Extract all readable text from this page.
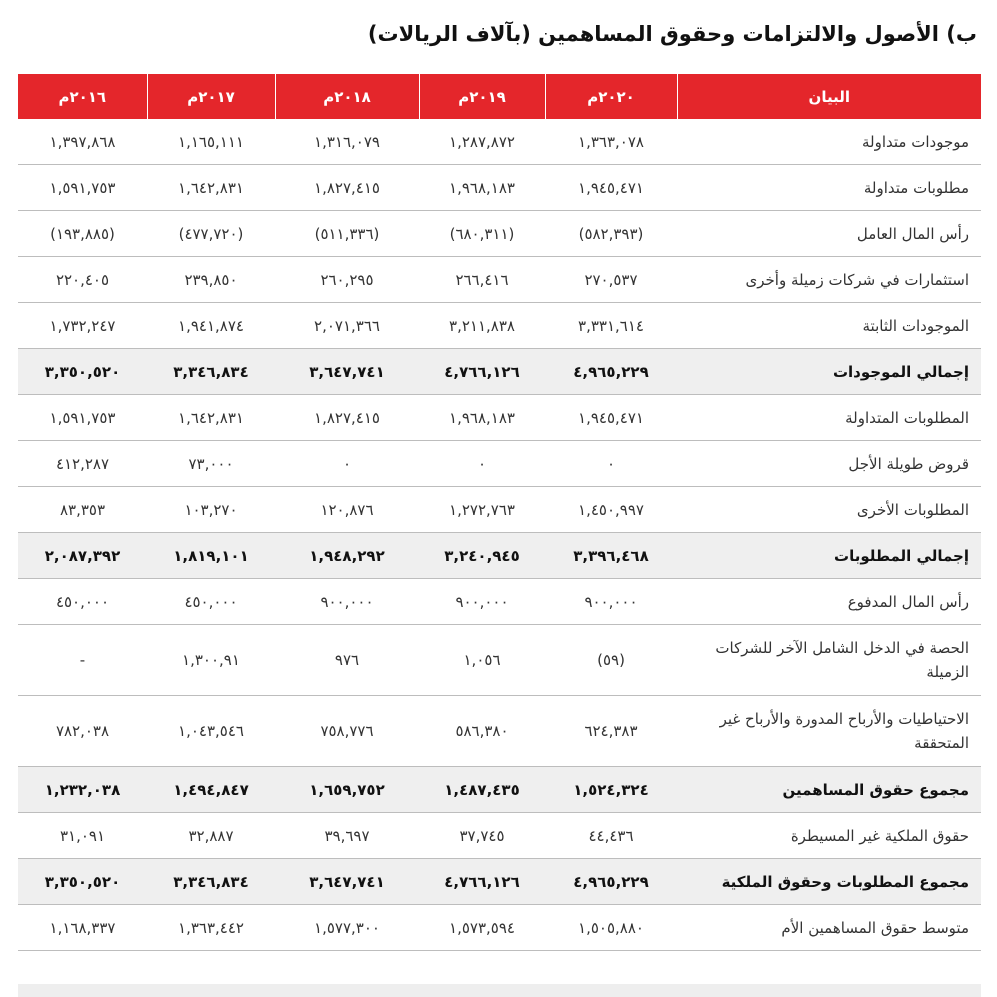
ب) الأصول والالتزامات وحقوق المساهمين (بآلاف الريالات)
البيان	٢٠٢٠م	٢٠١٩م	٢٠١٨م	٢٠١٧م	٢٠١٦م
موجودات متداولة	١,٣٦٣,٠٧٨	١,٢٨٧,٨٧٢	١,٣١٦,٠٧٩	١,١٦٥,١١١	١,٣٩٧,٨٦٨
مطلوبات متداولة	١,٩٤٥,٤٧١	١,٩٦٨,١٨٣	١,٨٢٧,٤١٥	١,٦٤٢,٨٣١	١,٥٩١,٧٥٣
رأس المال العامل	(٥٨٢,٣٩٣)	(٦٨٠,٣١١)	(٥١١,٣٣٦)	(٤٧٧,٧٢٠)	(١٩٣,٨٨٥)
استثمارات في شركات زميلة وأخرى	٢٧٠,٥٣٧	٢٦٦,٤١٦	٢٦٠,٢٩٥	٢٣٩,٨٥٠	٢٢٠,٤٠٥
الموجودات الثابتة	٣,٣٣١,٦١٤	٣,٢١١,٨٣٨	٢,٠٧١,٣٦٦	١,٩٤١,٨٧٤	١,٧٣٢,٢٤٧
إجمالي الموجودات	٤,٩٦٥,٢٢٩	٤,٧٦٦,١٢٦	٣,٦٤٧,٧٤١	٣,٣٤٦,٨٣٤	٣,٣٥٠,٥٢٠
المطلوبات المتداولة	١,٩٤٥,٤٧١	١,٩٦٨,١٨٣	١,٨٢٧,٤١٥	١,٦٤٢,٨٣١	١,٥٩١,٧٥٣
قروض طويلة الأجل	٠	٠	٠	٧٣,٠٠٠	٤١٢,٢٨٧
المطلوبات الأخرى	١,٤٥٠,٩٩٧	١,٢٧٢,٧٦٣	١٢٠,٨٧٦	١٠٣,٢٧٠	٨٣,٣٥٣
إجمالي المطلوبات	٣,٣٩٦,٤٦٨	٣,٢٤٠,٩٤٥	١,٩٤٨,٢٩٢	١,٨١٩,١٠١	٢,٠٨٧,٣٩٢
رأس المال المدفوع	٩٠٠,٠٠٠	٩٠٠,٠٠٠	٩٠٠,٠٠٠	٤٥٠,٠٠٠	٤٥٠,٠٠٠
الحصة في الدخل الشامل الآخر للشركات الزميلة	(٥٩)	١,٠٥٦	٩٧٦	١,٣٠٠,٩١	-
الاحتياطيات والأرباح المدورة والأرباح غير المتحققة	٦٢٤,٣٨٣	٥٨٦,٣٨٠	٧٥٨,٧٧٦	١,٠٤٣,٥٤٦	٧٨٢,٠٣٨
مجموع حقوق المساهمين	١,٥٢٤,٣٢٤	١,٤٨٧,٤٣٥	١,٦٥٩,٧٥٢	١,٤٩٤,٨٤٧	١,٢٣٢,٠٣٨
حقوق الملكية غير المسيطرة	٤٤,٤٣٦	٣٧,٧٤٥	٣٩,٦٩٧	٣٢,٨٨٧	٣١,٠٩١
مجموع المطلوبات وحقوق الملكية	٤,٩٦٥,٢٢٩	٤,٧٦٦,١٢٦	٣,٦٤٧,٧٤١	٣,٣٤٦,٨٣٤	٣,٣٥٠,٥٢٠
متوسط حقوق المساهمين الأم	١,٥٠٥,٨٨٠	١,٥٧٣,٥٩٤	١,٥٧٧,٣٠٠	١,٣٦٣,٤٤٢	١,١٦٨,٣٣٧
